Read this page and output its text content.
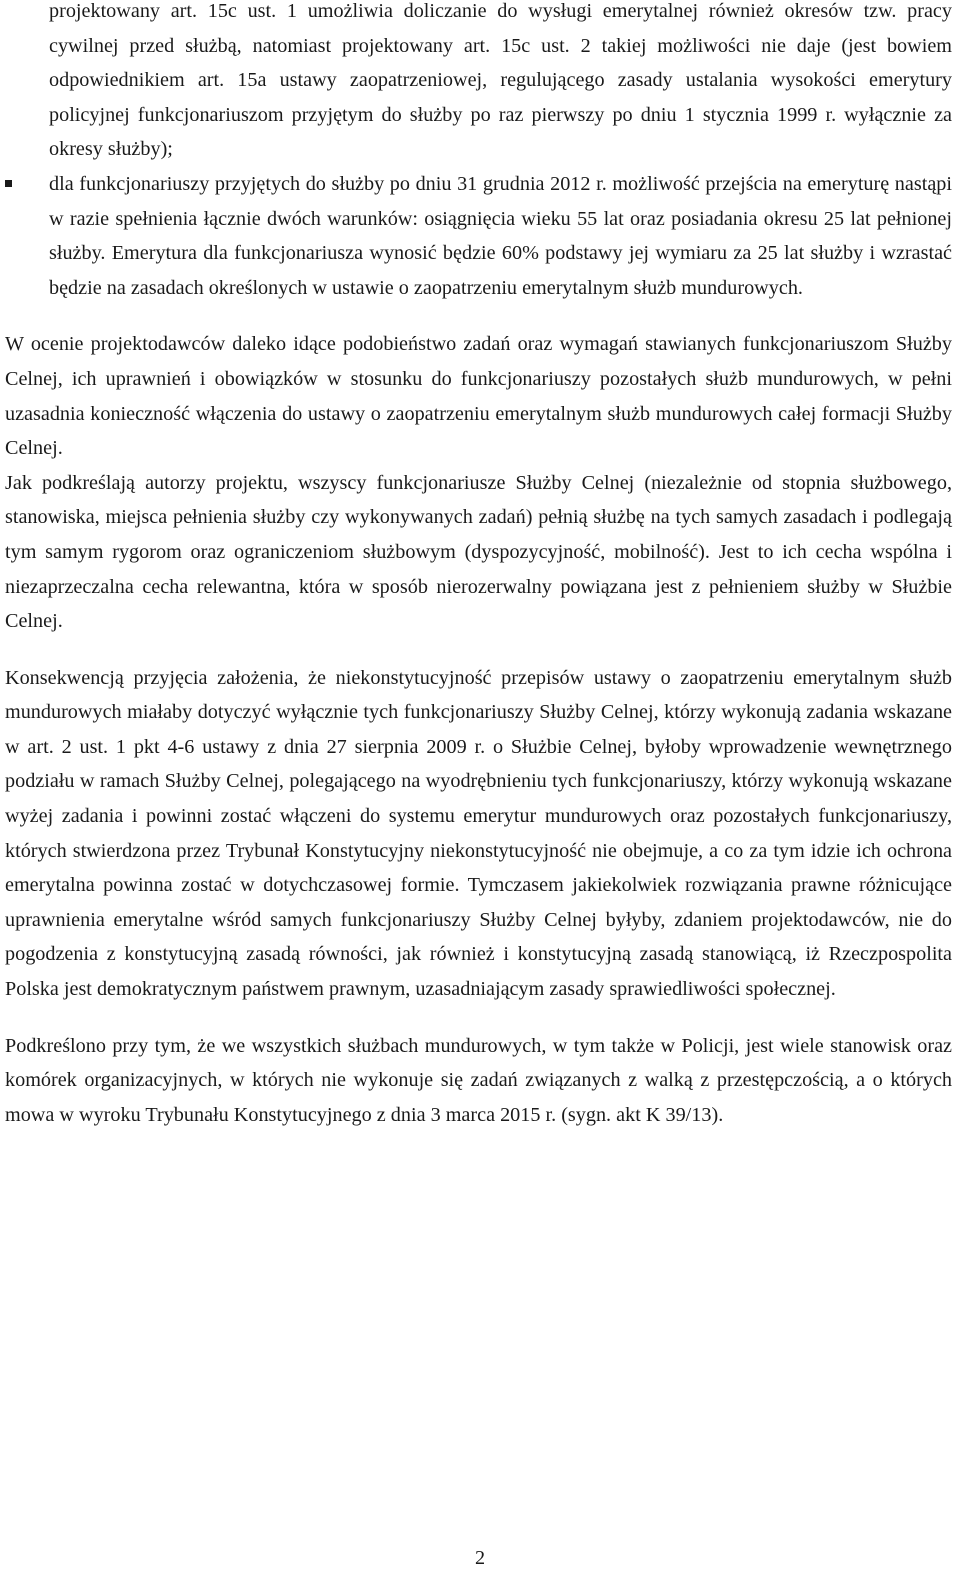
projektowany art. 15c ust. 1 umożliwia doliczanie do wysługi emerytalnej również okresów tzw. pracy cywilnej przed służbą, natomiast projektowany art. 15c ust. 2 takiej możliwości nie daje (jest bowiem odpowiednikiem art. 15a ustawy zaopatrzeniowej, regulującego zasady ustalania wysokości emerytury policyjnej funkcjonariuszom przyjętym do służby po raz pierwszy po dniu 1 stycznia 1999 r. wyłącznie za okresy służby);

dla funkcjonariuszy przyjętych do służby po dniu 31 grudnia 2012 r. możliwość przejścia na emeryturę nastąpi w razie spełnienia łącznie dwóch warunków: osiągnięcia wieku 55 lat oraz posiadania okresu 25 lat pełnionej służby. Emerytura dla funkcjonariusza wynosić będzie 60% podstawy jej wymiaru za 25 lat służby i wzrastać będzie na zasadach określonych w ustawie o zaopatrzeniu emerytalnym służb mundurowych.

W ocenie projektodawców daleko idące podobieństwo zadań oraz wymagań stawianych funkcjonariuszom Służby Celnej, ich uprawnień i obowiązków w stosunku do funkcjonariuszy pozostałych służb mundurowych, w pełni uzasadnia konieczność włączenia do ustawy o zaopatrzeniu emerytalnym służb mundurowych całej formacji Służby Celnej.

Jak podkreślają autorzy projektu, wszyscy funkcjonariusze Służby Celnej (niezależnie od stopnia służbowego, stanowiska, miejsca pełnienia służby czy wykonywanych zadań) pełnią służbę na tych samych zasadach i podlegają tym samym rygorom oraz ograniczeniom służbowym (dyspozycyjność, mobilność). Jest to ich cecha wspólna i niezaprzeczalna cecha relewantna, która w sposób nierozerwalny powiązana jest z pełnieniem służby w Służbie Celnej.

Konsekwencją przyjęcia założenia, że niekonstytucyjność przepisów ustawy o zaopatrzeniu emerytalnym służb mundurowych miałaby dotyczyć wyłącznie tych funkcjonariuszy Służby Celnej, którzy wykonują zadania wskazane w art. 2 ust. 1 pkt 4-6 ustawy z dnia 27 sierpnia 2009 r. o Służbie Celnej, byłoby wprowadzenie wewnętrznego podziału w ramach Służby Celnej, polegającego na wyodrębnieniu tych funkcjonariuszy, którzy wykonują wskazane wyżej zadania i powinni zostać włączeni do systemu emerytur mundurowych oraz pozostałych funkcjonariuszy, których stwierdzona przez Trybunał Konstytucyjny niekonstytucyjność nie obejmuje, a co za tym idzie ich ochrona emerytalna powinna zostać w dotychczasowej formie. Tymczasem jakiekolwiek rozwiązania prawne różnicujące uprawnienia emerytalne wśród samych funkcjonariuszy Służby Celnej byłyby, zdaniem projektodawców, nie do pogodzenia z konstytucyjną zasadą równości, jak również i konstytucyjną zasadą stanowiącą, iż Rzeczpospolita Polska jest demokratycznym państwem prawnym, uzasadniającym zasady sprawiedliwości społecznej.

Podkreślono przy tym, że we wszystkich służbach mundurowych, w tym także w Policji, jest wiele stanowisk oraz komórek organizacyjnych, w których nie wykonuje się zadań związanych z walką z przestępczością, a o których mowa w wyroku Trybunału Konstytucyjnego z dnia 3 marca 2015 r. (sygn. akt K 39/13).

2
